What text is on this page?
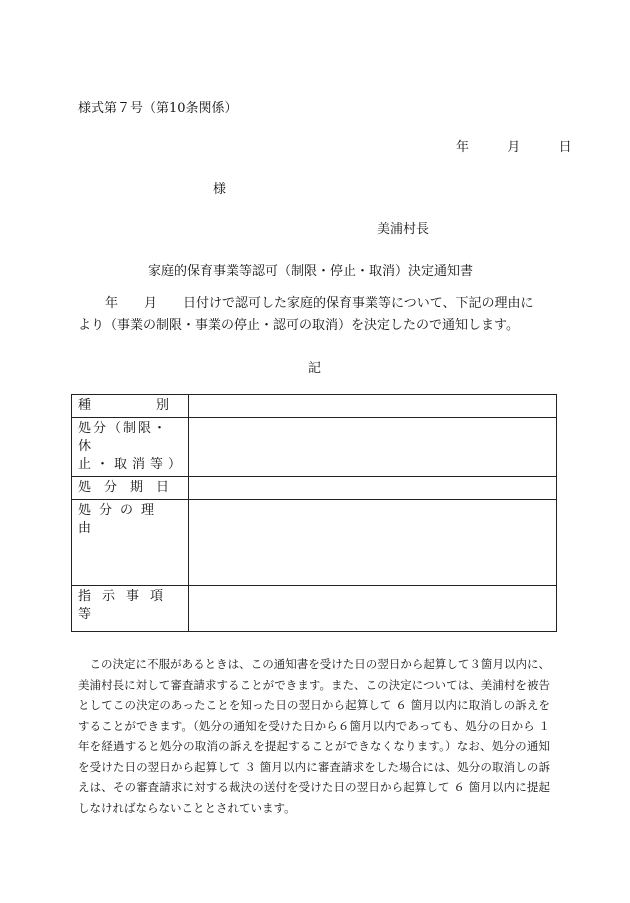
様式第７号（第10条関係）
年	月	日
様
美浦村長
家庭的保育事業等認可（制限・停止・取消）決定通知書
年　　月　　日付けで認可した家庭的保育事業等について、下記の理由に
より（事業の制限・事業の停止・認可の取消）を決定したので通知します。
記
種　　　　　別	

処分（制限・休
止・取消等）	

処　分　期　日	

処分の理由	

指　示　事　項　等	

この決定に不服があるときは、この通知書を受けた日の翌日から起算して３箇月以内に、美浦村長に対して審査請求することができます。また、この決定については、美浦村を被告としてこの決定のあったことを知った日の翌日から起算して ６ 箇月以内に取消しの訴えをすることができます。（処分の通知を受けた日から６箇月以内であっても、処分の日から １ 年を経過すると処分の取消の訴えを提起することができなくなります。）なお、処分の通知を受けた日の翌日から起算して ３ 箇月以内に審査請求をした場合には、処分の取消しの訴えは、その審査請求に対する裁決の送付を受けた日の翌日から起算して ６ 箇月以内に提起しなければならないこととされています。
